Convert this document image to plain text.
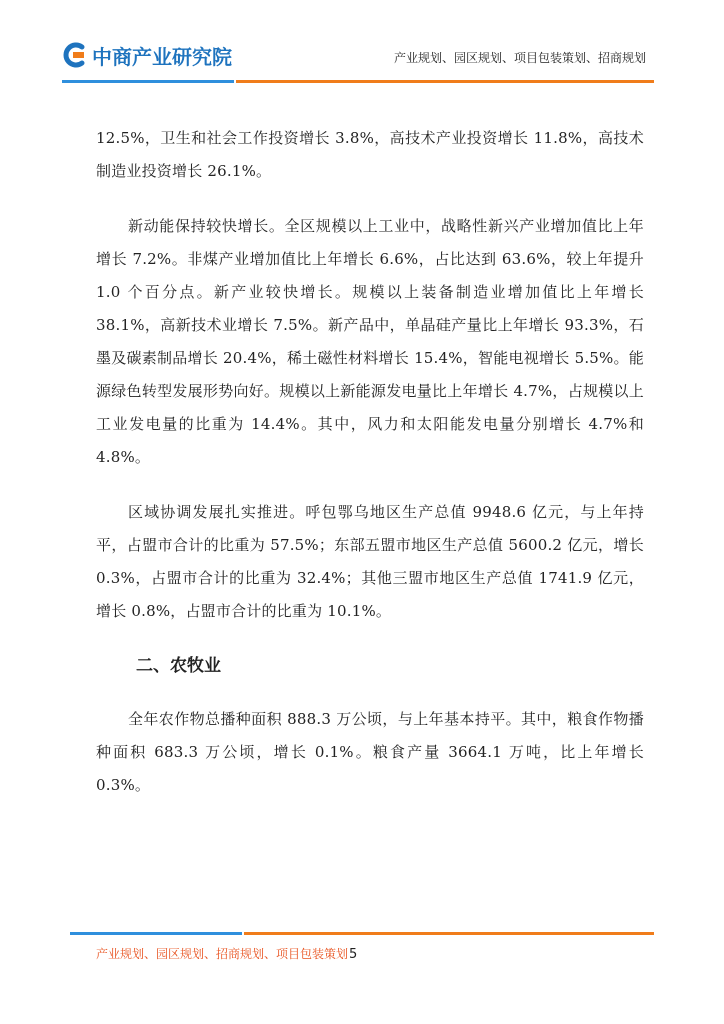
中商产业研究院	产业规划、园区规划、项目包装策划、招商规划

12.5%，卫生和社会工作投资增长 3.8%，高技术产业投资增长 11.8%，高技术制造业投资增长 26.1%。

新动能保持较快增长。全区规模以上工业中，战略性新兴产业增加值比上年增长 7.2%。非煤产业增加值比上年增长 6.6%，占比达到 63.6%，较上年提升 1.0 个百分点。新产业较快增长。规模以上装备制造业增加值比上年增长 38.1%，高新技术业增长 7.5%。新产品中，单晶硅产量比上年增长 93.3%，石墨及碳素制品增长 20.4%，稀土磁性材料增长 15.4%，智能电视增长 5.5%。能源绿色转型发展形势向好。规模以上新能源发电量比上年增长 4.7%，占规模以上工业发电量的比重为 14.4%。其中，风力和太阳能发电量分别增长 4.7%和 4.8%。

区域协调发展扎实推进。呼包鄂乌地区生产总值 9948.6 亿元，与上年持平，占盟市合计的比重为 57.5%；东部五盟市地区生产总值 5600.2 亿元，增长 0.3%，占盟市合计的比重为 32.4%；其他三盟市地区生产总值 1741.9 亿元，增长 0.8%，占盟市合计的比重为 10.1%。

二、农牧业

全年农作物总播种面积 888.3 万公顷，与上年基本持平。其中，粮食作物播种面积 683.3 万公顷，增长 0.1%。粮食产量 3664.1 万吨，比上年增长 0.3%。

产业规划、园区规划、招商规划、项目包装策划5
